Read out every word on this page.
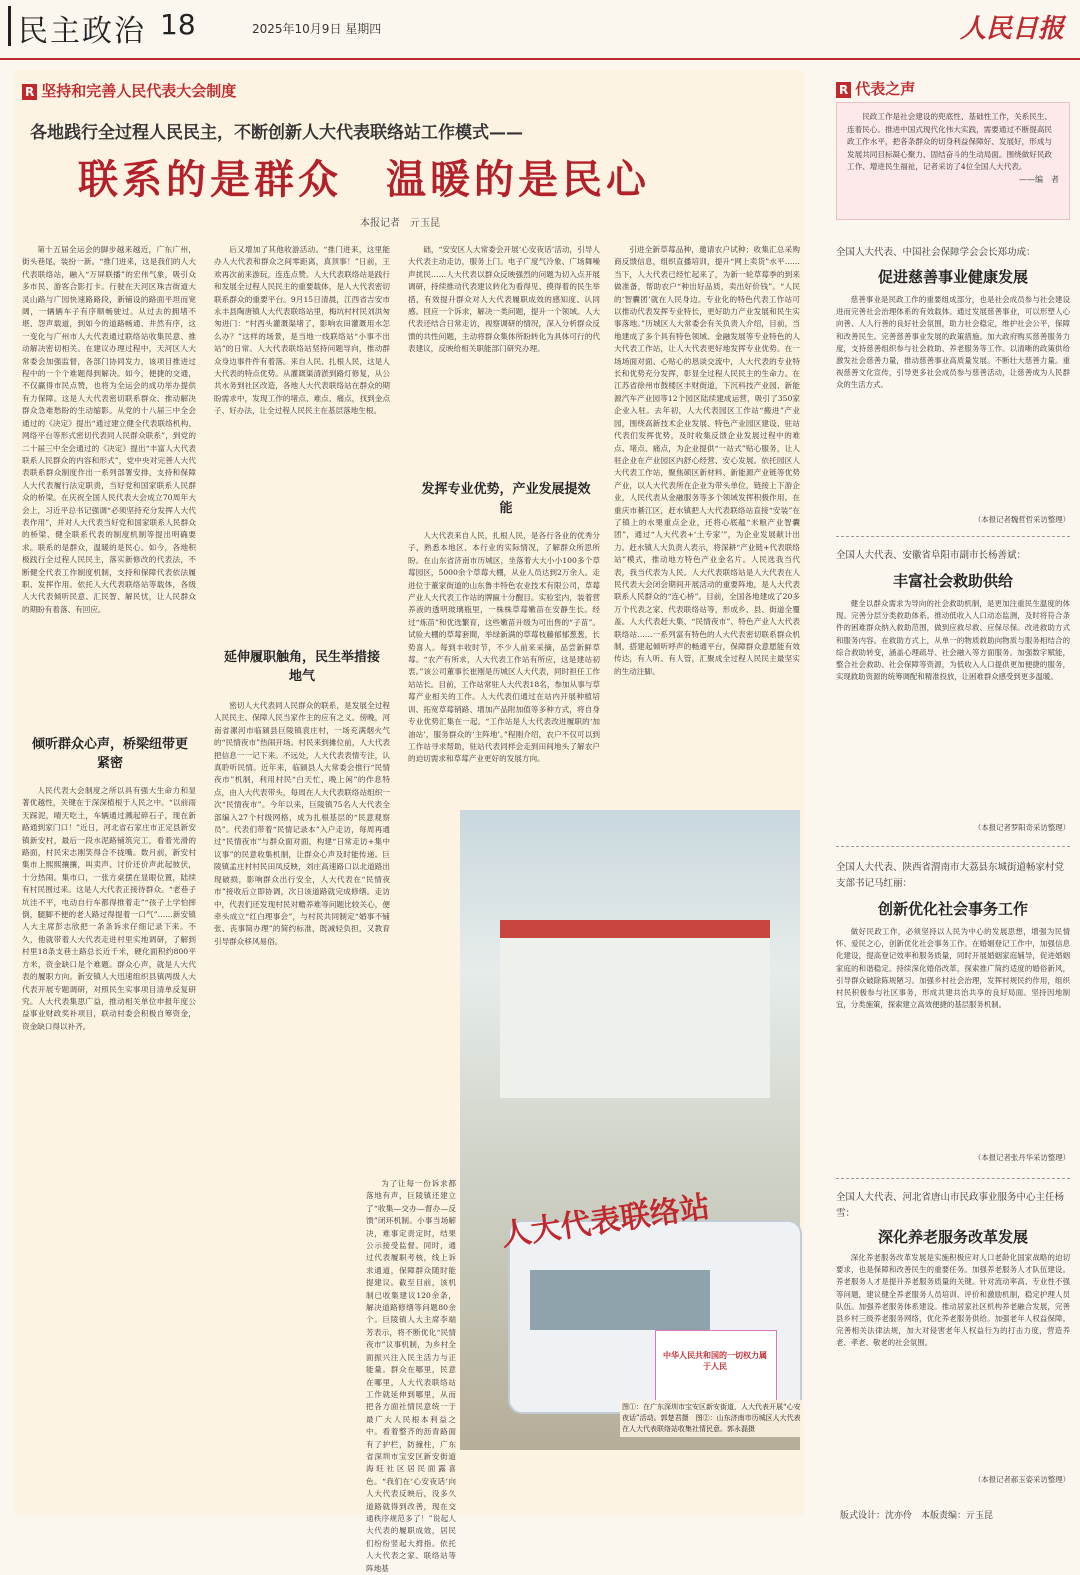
民主政治 18	2025年10月9日 星期四	人民日报
R 坚持和完善人民代表大会制度
各地践行全过程人民民主，不断创新人大代表联络站工作模式——
联系的是群众　温暖的是民心
本报记者　亓玉昆

第十五届全运会的脚步越来越近，广东广州，街头巷尾，装扮一新。“推门进来，这是我们的人大代表联络站，融入“万屏联播”的宏伟气象，吸引众多市民、游客合影打卡。行驶在天河区珠吉街道大灵山路与广园快速路路段，新铺设的路面平坦而宽阔，一辆辆车子有序顺畅驶过。从过去的拥堵不堪、怨声载道，到如今的道路畅通、井然有序，这一变化与广州市人大代表通过联络站收集民意、推动解决密切相关。在建议办理过程中，天河区人大常委会加强监督，各部门协同发力，该项目推进过程中的一个个难题得到解决。如今，便捷的交通，不仅赢得市民点赞，也将为全运会的成功举办提供有力保障。这是人大代表密切联系群众、推动解决群众急难愁盼的生动缩影。从党的十八届三中全会通过的《决定》提出“通过建立健全代表联络机构、网络平台等形式密切代表同人民群众联系”，到党的二十届三中全会通过的《决定》提出“丰富人大代表联系人民群众的内容和形式”，党中央对完善人大代表联系群众制度作出一系列部署安排，支持和保障人大代表履行法定职责，当好党和国家联系人民群众的桥梁。在庆祝全国人民代表大会成立70周年大会上，习近平总书记强调“必须坚持充分发挥人大代表作用”，并对人大代表当好党和国家联系人民群众的桥梁、健全联系代表的制度机制等提出明确要求。联系的是群众，温暖的是民心。如今，各地积极践行全过程人民民主，落实新修改的代表法，不断健全代表工作制度机制，支持和保障代表依法履职、发挥作用。依托人大代表联络站等载体，各级人大代表倾听民意、汇民智、解民忧，让人民群众的期盼有着落、有回应。

倾听群众心声，桥梁纽带更紧密

人民代表大会制度之所以具有强大生命力和显著优越性，关键在于深深植根于人民之中。“以前雨天踩泥，晴天吃土，车辆通过溅起碎石子，现在新路通到家门口！”近日，河北省石家庄市正定县新安镇新安村，最后一段水泥路铺筑完工，看着光滑的路面，村民宋志刚笑得合不拢嘴。数月前，新安村集市上熙熙攘攘，叫卖声、讨价还价声此起彼伏，十分热闹。集市口，一张方桌摆在显眼位置，陆续有村民围过来。这是人大代表正接待群众。“老巷子坑洼不平，电动自行车都得推着走”“孩子上学怕摔倒，腿脚不便的老人路过得提着一口气”……新安镇人大主席彭志欣把一条条诉求仔细记录下来。不久，他就带着人大代表走进村里实地调研，了解到村里18条支巷土路总长近千米，硬化面积约800平方米，资金缺口是个难题。群众心声，就是人大代表的履职方向。新安镇人大迅速组织县镇两级人大代表开展专题调研，对照民生实事项目清单反复研究。人大代表集思广益，推动相关单位申报年度公益事业财政奖补项目，联动村委会积极自筹资金，资金缺口得以补齐。

后又增加了其他收游活动。“推门进来，这里能办人大代表和群众之间零距离，真顶事！”日前，王欢再次前来游玩，连连点赞。人大代表联络站是践行和发展全过程人民民主的重要载体，是人大代表密切联系群众的重要平台。9月15日清晨，江西省吉安市永丰县陶唐镇人大代表联络站里，梅坑村村民刘洪匆匆进门：“村西头灌溉渠堵了，影响农田灌溉用水怎么办？”这样的场景，是当地一线联络站“小事不出站”的日常。人大代表联络站坚持问题导向，推动群众身边事件件有着落。来自人民、扎根人民，这是人大代表的特点优势。从灌溉渠清淤到路灯修复，从公共水务到社区改造，各地人大代表联络站在群众的期盼需求中，发现工作的堵点、难点、痛点，找到金点子、好办法，让全过程人民民主在基层落地生根。

延伸履职触角，民生举措接地气

密切人大代表同人民群众的联系，是发展全过程人民民主、保障人民当家作主的应有之义。傍晚，河南省漯河市临颍县巨陵镇袁庄村，一场充满烟火气的“民情夜市”热闹开场。村民来到摊位前，人大代表把信息一一记下来。不远处，人大代表表情专注，认真聆听民情。近年来，临颍县人大常委会推行“民情夜市”机制，利用村民“白天忙、晚上闲”的作息特点，由人大代表带头，每周在人大代表联络站组织一次“民情夜市”。今年以来，巨陵镇75名人大代表全部编入27个村级网格，成为扎根基层的“民意观察员”。代表们带着“民情记录本”入户走访，每周再通过“民情夜市”与群众面对面，构建“日常走访+集中议事”的民意收集机制，让群众心声及时能传递。巨陵镇孟庄村村民田凤反映，刘庄高速路口以北道路出现破损，影响群众出行安全，人大代表在“民情夜市”接收后立即协调，次日该道路就完成修缮。走访中，代表们还发现村民对赡养难等问题比较关心，便牵头成立“红白理事会”，与村民共同制定“婚事不铺张、丧事简办理”的简约标准，既减轻负担，又教育引导群众移风易俗。

础，“安安区人大常委会开展‘心安夜话’活动，引导人大代表主动走访，服务上门。电子广度气冷象、广场舞噪声扰民……人大代表以群众反映强烈的问题为切入点开展调研，持续推动代表建议转化为看得见、摸得着的民生举措，有效提升群众对人大代表履职成效的感知度、认同感。回应一个诉求，解决一类问题，提升一个领域。人大代表还结合日常走访，视察调研的情况，深入分析群众反馈的共性问题，主动将群众集体所盼转化为具体可行的代表建议，反映给相关职能部门研究办理。

发挥专业优势，产业发展提效能

人大代表来自人民，扎根人民，是各行各业的优秀分子，熟悉本地区、本行业的实际情况，了解群众所思所盼。在山东省济南市历城区，坐落着大大小小100多个草莓园区，5000余个草莓大棚，从业人员达到2万余人。走进位于董家街道的山东鲁丰特色农业技术有限公司，草莓产业人大代表工作站的牌匾十分醒目。实验室内，装着营养液的透明玻璃瓶里，一株株草莓嫩苗在安静生长。经过“炼苗”和优选繁育，这些嫩苗升级为可出售的“子苗”。试验大棚的草莓套間，举绿新满的草莓枝藤郁郁葱葱，长势喜人。每到丰收时节，不少人前来采摘，品尝新鲜草莓。“农产有所求，人大代表工作站有所应，这是建站初衷。”该公司董事长崔刚是历城区人大代表，同时担任工作站站长。目前，工作站常驻人大代表18名，参加从事与草莓产业相关的工作。人大代表们通过在站内开展种植培训、拓宽草莓销路、增加产品附加值等多种方式，将自身专业优势汇集在一起。“工作站是人大代表改进履职的‘加油站’，服务群众的‘主阵地’。”程刚介绍，农户不仅可以到工作站寻求帮助，驻站代表同样会走到田间地头了解农户的迫切需求和草莓产业更好的发展方向。

引进全新草莓品种，邀请农户试种；收集汇总采购商反馈信息，组织直播培训，提升“网上卖货”水平……当下，人大代表已经忙起来了，为新一轮草莓季的到来做准备，帮助农户“种出好品质，卖出好价钱”。“人民的‘智囊团’就在人民身边。专业化的特色代表工作站可以推动代表发挥专业特长，更好助力产业发展和民生实事落地。”历城区人大常委会有关负责人介绍，目前，当地建成了多个具有特色领域、金融发展等专业特色的人大代表工作站，让人大代表更好地发挥专业优势。在一场场面对面、心贴心的恳谈交流中，人大代表的专业特长和优势充分发挥，彰显全过程人民民主的生命力。在江苏省徐州市鼓楼区丰财街道，下沉科技产业园、新能源汽车产业园等12个园区陆续建成运营，吸引了350家企业入驻。去年初，人大代表园区工作站“搬进”产业园，围绕高新技术企业发展、特色产业园区建设、驻站代表们发挥优势，及时收集反馈企业发展过程中的难点、堵点、痛点，为企业提供“一站式”贴心服务，让人驻企业在产业园区内舒心经营、安心发展。依托园区人大代表工作站，聚焦硕区新材料、新能源产业链等优势产业，以人大代表所在企业为带头单位，链接上下游企业，人民代表从金融服务等多个领域发挥积极作用。在重庆市綦江区，赶水镇把人大代表联络站直接“安装”在了镇上的水果重点企业，还将心底蕴“米粮产业智囊团”，通过“人大代表+‘土专家’”，为企业发展献计出力。赶水镇人大负责人表示，将深耕“产业链+代表联络站”模式，推动地方特色产业金名片。人民选我当代表，我当代表为人民。人大代表联络站是人大代表在人民代表大会闭会期间开展活动的重要阵地，是人大代表联系人民群众的“连心桥”。目前，全国各地建成了20多万个代表之家、代表联络站等，形成乡、县、街道全覆盖。人大代表赶大集、“民情夜市”、特色产业人大代表联络站……一系列富有特色的人大代表密切联系群众机制，搭建起倾听呼声的畅通平台，保障群众意愿能有效传达，有人听、有人管，汇聚成全过程人民民主最坚实的生动注脚。

为了让每一份诉求都落地有声，巨陵镇还建立了“收集—交办—督办—反馈”闭环机制。小事当场解决，难事定责定时，结果公示接受监督。同时，通过代表履职考核，线上诉求通道，保障群众随时能提建议。截至目前，该机制已收集建议120余条，解决道路修缮等问题80余个。巨陵镇人大主席李端芳表示，将不断优化“民情夜市”议事机制，为乡村全面振兴注入民主活力与正能量。群众在哪里，民意在哪里，人大代表联络站工作就延伸到哪里，从而把各方面社情民意统一于最广大人民根本利益之中。看着整齐的沥青路面有了护栏，防撞柱，广东省深圳市宝安区新安街道海旺社区居民面露喜色。“我们在‘心安夜话’向人大代表反映后，没多久道路就得到改善，现在交通秩序规范多了！”说起人大代表的履职成效，居民们纷纷竖起大拇指。依托人大代表之家、联络站等阵地基

人大代表联络站
中华人民共和国的一切权力属于人民
图①：在广东深圳市宝安区新安街道，人大代表开展“心安夜话”活动。郭楚君摄　图②：山东济南市历城区人大代表在人大代表联络站收集社情民意。郭永磊摄
R 代表之声

民政工作是社会建设的兜底性、基础性工作，关系民生、连着民心。推进中国式现代化伟大实践，需要通过不断提高民政工作水平，把各条群众的切身利益保障好、发展好，形成与发展共同目标凝心聚力、固结奋斗的生动局面。围绕做好民政工作、增进民生福祉，记者采访了4位全国人大代表。

——编　者
全国人大代表、中国社会保障学会会长郑功成：
促进慈善事业健康发展

慈善事业是民政工作的重要组成部分，也是社会成员参与社会建设进而完善社会治理体系的有效载体。通过发展慈善事业，可以形塑人心向善、人人行善的良好社会氛围，助力社会稳定，维护社会公平，保障和改善民生。完善慈善事业发展的政策措施。加大政府购买慈善服务力度，支持慈善组织参与社会救助、养老服务等工作。以清晰的政策供给激发社会慈善力量，推动慈善事业高质量发展。不断壮大慈善力量。重视慈善文化宣传，引导更多社会成员参与慈善活动，让慈善成为人民群众的生活方式。

（本报记者魏哲哲采访整理）
全国人大代表、安徽省阜阳市副市长杨善斌：
丰富社会救助供给

健全以群众需求为导向的社会救助机制，是更加注重民生温度的体现。完善分层分类救助体系。推动低收入人口动态监测，及时将符合条件的困难群众纳入救助范围，做到应救尽救、应保尽保。改进救助方式和服务内容。在救助方式上，从单一的物质救助向物质与服务相结合的综合救助转变，涵盖心理疏导、社会融入等方面服务。加强数字赋能，整合社会救助、社会保障等资源，为低收入人口提供更加便捷的服务，实现救助资源的统筹调配和精准投放，让困难群众感受到更多温暖。

（本报记者罗阳奇采访整理）
全国人大代表、陕西省渭南市大荔县东城街道畅家村党支部书记马红丽：
创新优化社会事务工作

做好民政工作，必须坚持以人民为中心的发展思想，增强为民情怀、爱民之心，创新优化社会事务工作。在婚姻登记工作中，加强信息化建设，提高登记效率和服务质量，同时开展婚姻家庭辅导，促进婚姻家庭的和谐稳定。持续深化婚俗改革，探索推广简约适度的婚俗新风，引导群众破除陈规陋习。加强乡村社会治理，发挥村规民约作用，组织村民积极参与社区事务，形成共建共治共享的良好局面。坚持因地制宜，分类施策，探索建立高效便捷的基层服务机制。

（本报记者张丹华采访整理）
全国人大代表、河北省唐山市民政事业服务中心主任杨雪：
深化养老服务改革发展

深化养老服务改革发展是实施积极应对人口老龄化国家战略的迫切要求，也是保障和改善民生的重要任务。加强养老服务人才队伍建设。养老服务人才是提升养老服务质量的关键。针对流动率高、专业性不强等问题，建议健全养老服务人员培训、评价和激励机制，稳定护理人员队伍。加强养老服务体系建设。推动居家社区机构养老融合发展，完善县乡村三级养老服务网络，优化养老服务供给。加强老年人权益保障。完善相关法律法规，加大对侵害老年人权益行为的打击力度，营造养老、孝老、敬老的社会氛围。

（本报记者郝玉姿采访整理）
版式设计：沈亦伶　本版责编：亓玉昆
